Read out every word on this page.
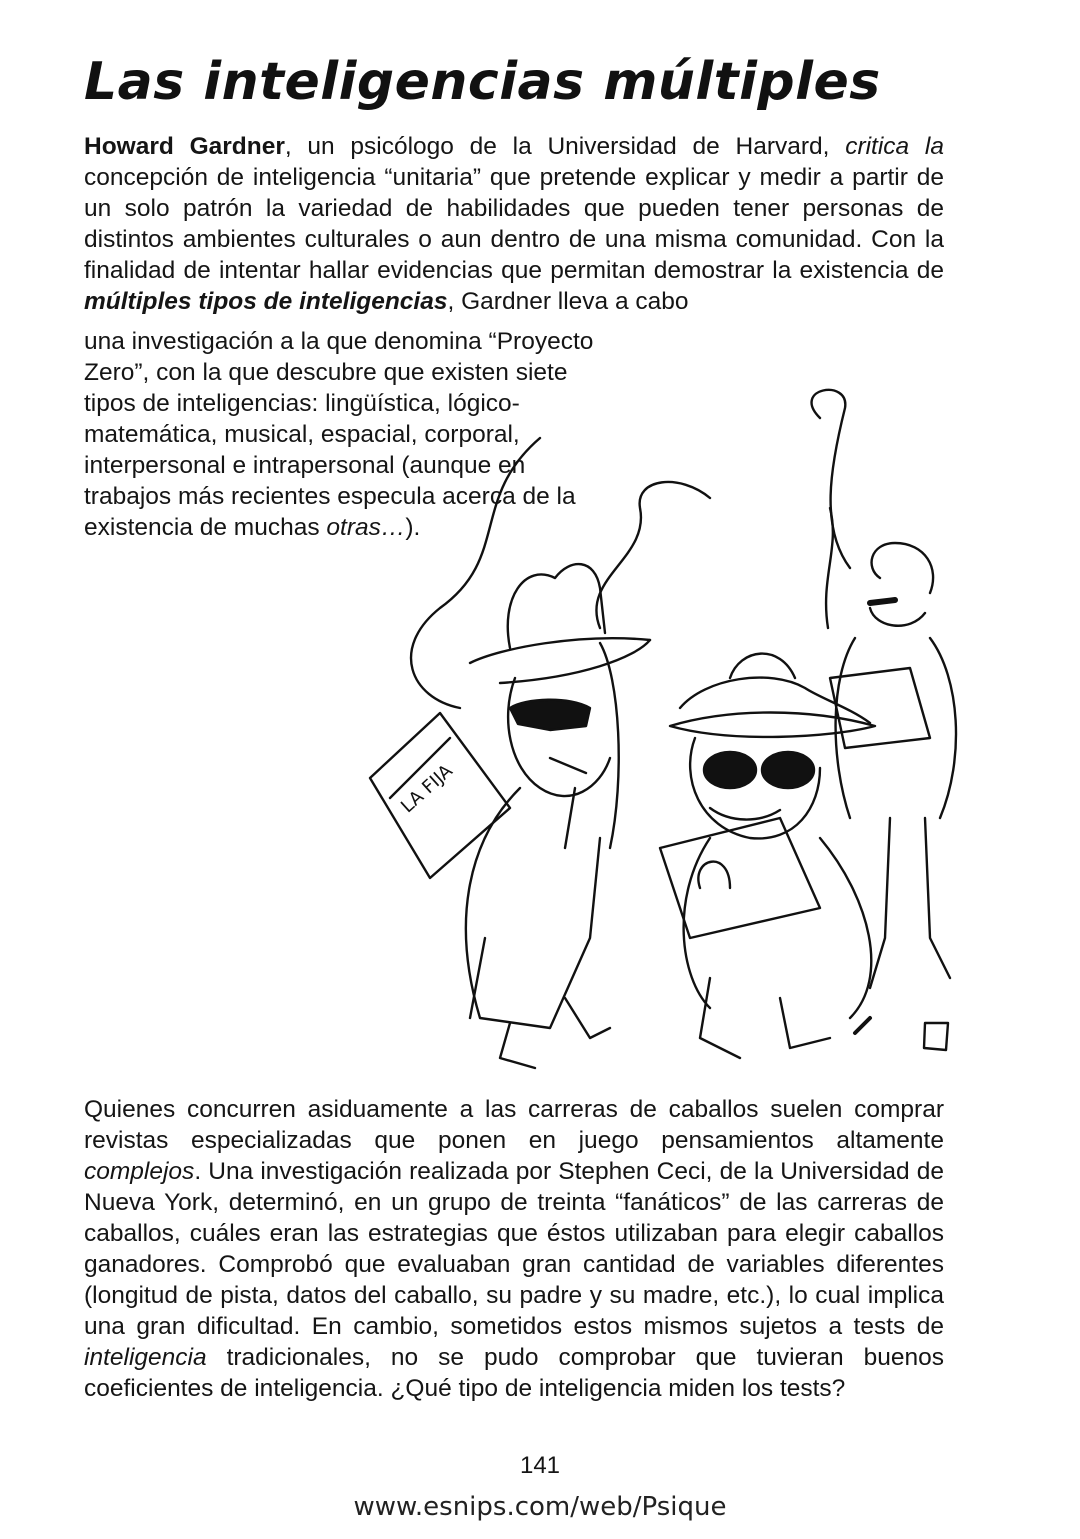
Las inteligencias múltiples

Howard Gardner, un psicólogo de la Universidad de Harvard, critica la concepción de inteligencia “unitaria” que pretende explicar y medir a partir de un solo patrón la variedad de habilidades que pueden tener personas de distintos ambientes culturales o aun dentro de una misma comunidad. Con la finalidad de intentar hallar evidencias que permitan demostrar la existencia de múltiples tipos de inteligencias, Gardner lleva a cabo

una investigación a la que denomina “Proyecto Zero”, con la que descubre que existen siete tipos de inteligencias: lingüística, lógico-matemática, musical, espacial, corporal, interpersonal e intrapersonal (aunque en trabajos más recientes especula acerca de la existencia de muchas otras…).

LA FIJA

Quienes concurren asiduamente a las carreras de caballos suelen comprar revistas especializadas que ponen en juego pensamientos altamente complejos. Una investigación realizada por Stephen Ceci, de la Universidad de Nueva York, determinó, en un grupo de treinta “fanáticos” de las carreras de caballos, cuáles eran las estrategias que éstos utilizaban para elegir caballos ganadores. Comprobó que evaluaban gran cantidad de variables diferentes (longitud de pista, datos del caballo, su padre y su madre, etc.), lo cual implica una gran dificultad. En cambio, sometidos estos mismos sujetos a tests de inteligencia tradicionales, no se pudo comprobar que tuvieran buenos coeficientes de inteligencia. ¿Qué tipo de inteligencia miden los tests?

141
www.esnips.com/web/Psique
